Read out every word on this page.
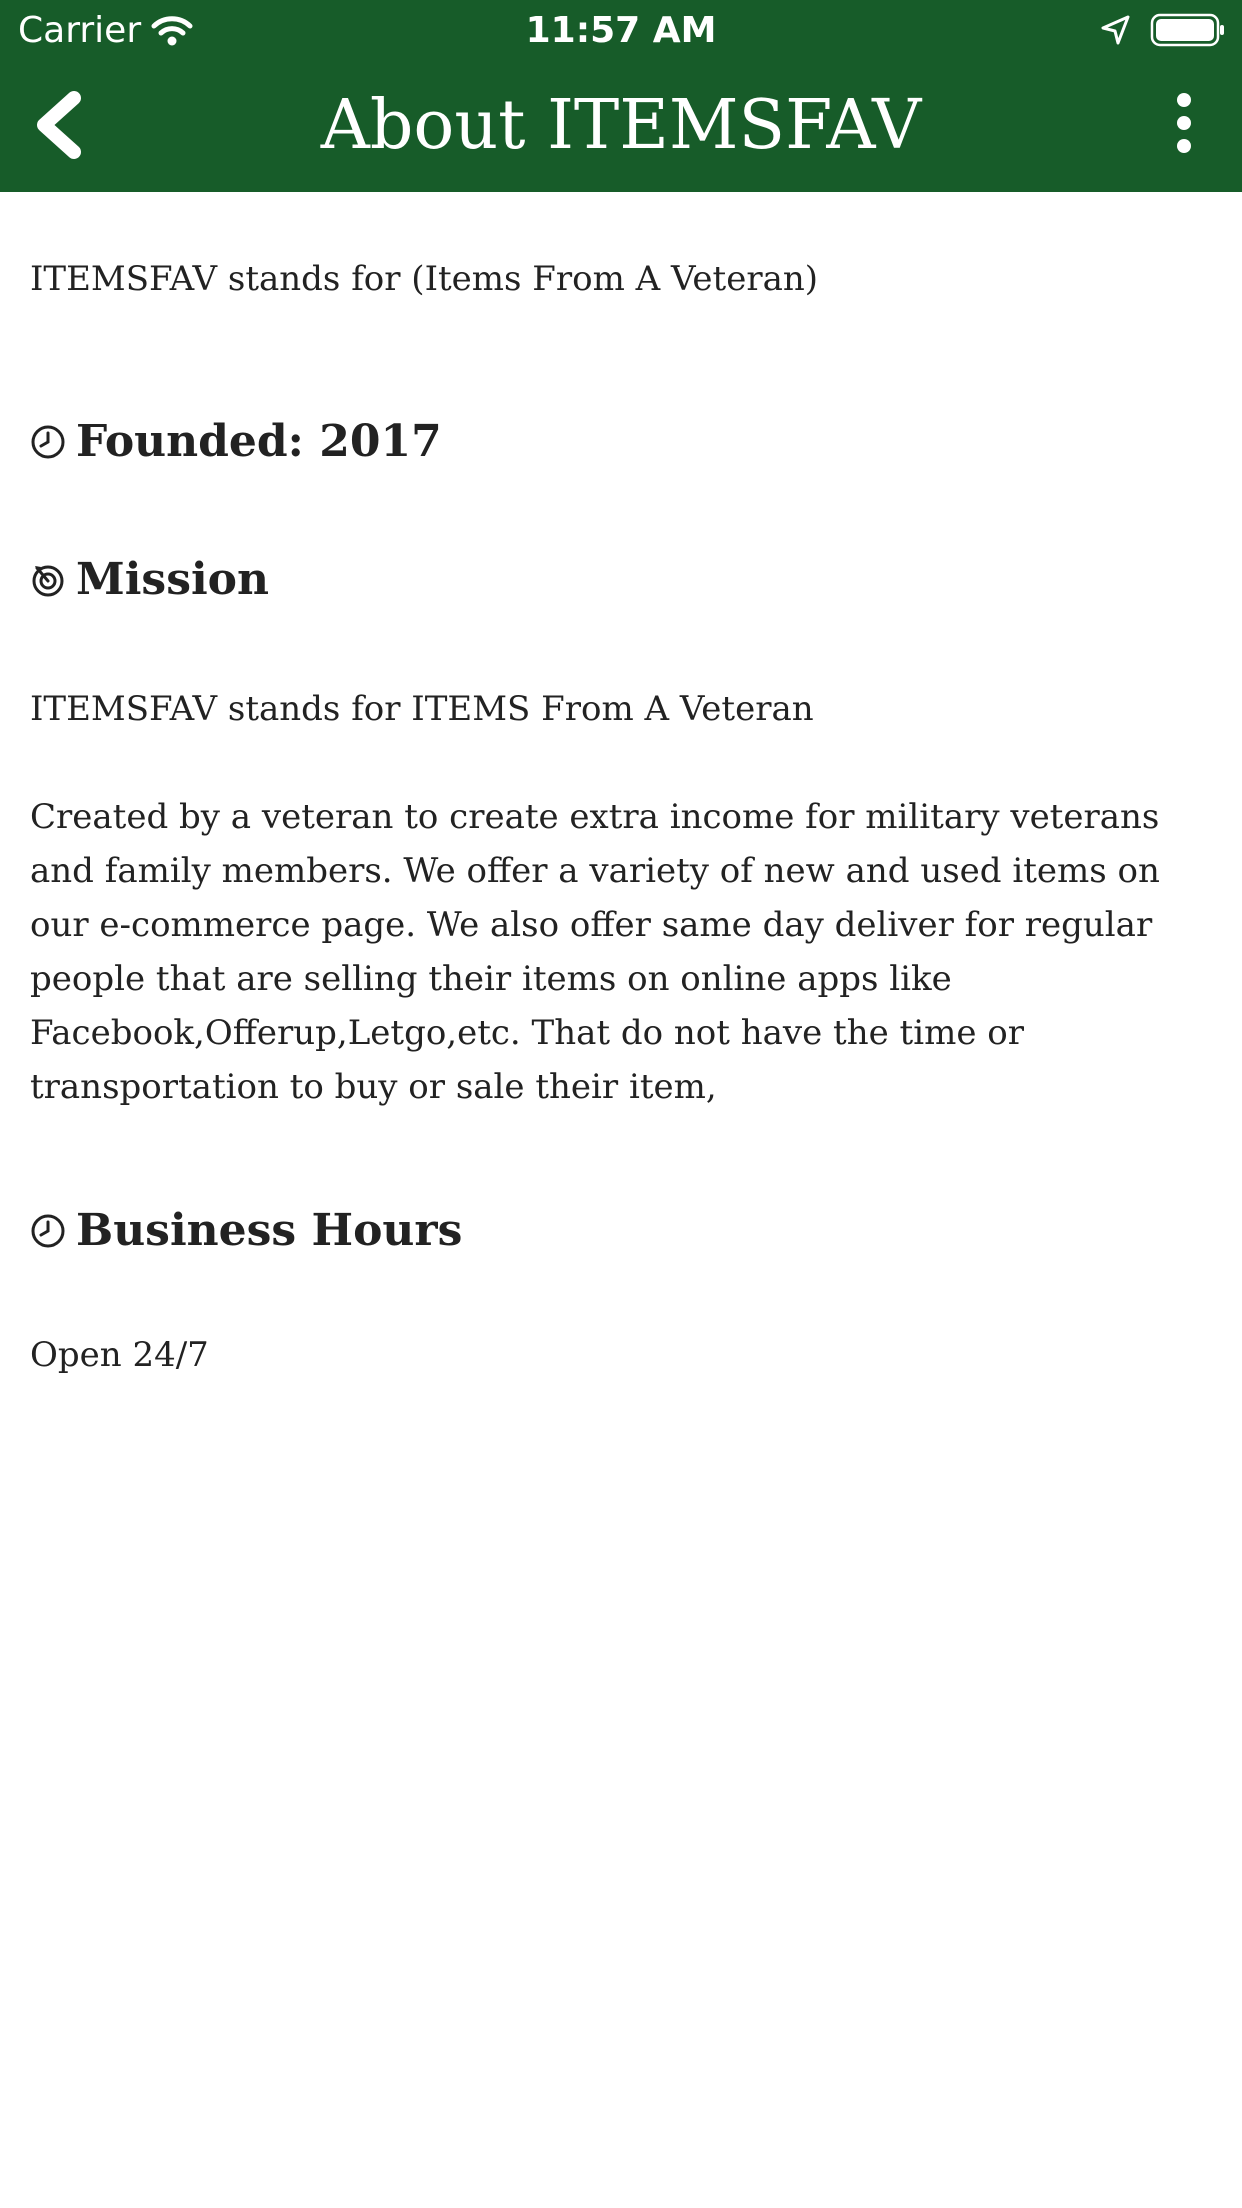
Carrier	11:57 AM
About ITEMSFAV

ITEMSFAV stands for (Items From A Veteran)

Founded: 2017
Mission

ITEMSFAV stands for ITEMS From A Veteran

Created by a veteran to create extra income for military veterans and family members. We offer a variety of new and used items on our e-commerce page. We also offer same day deliver for regular people that are selling their items on online apps like Facebook,Offerup,Letgo,etc. That do not have the time or transportation to buy or sale their item,

Business Hours

Open 24/7
